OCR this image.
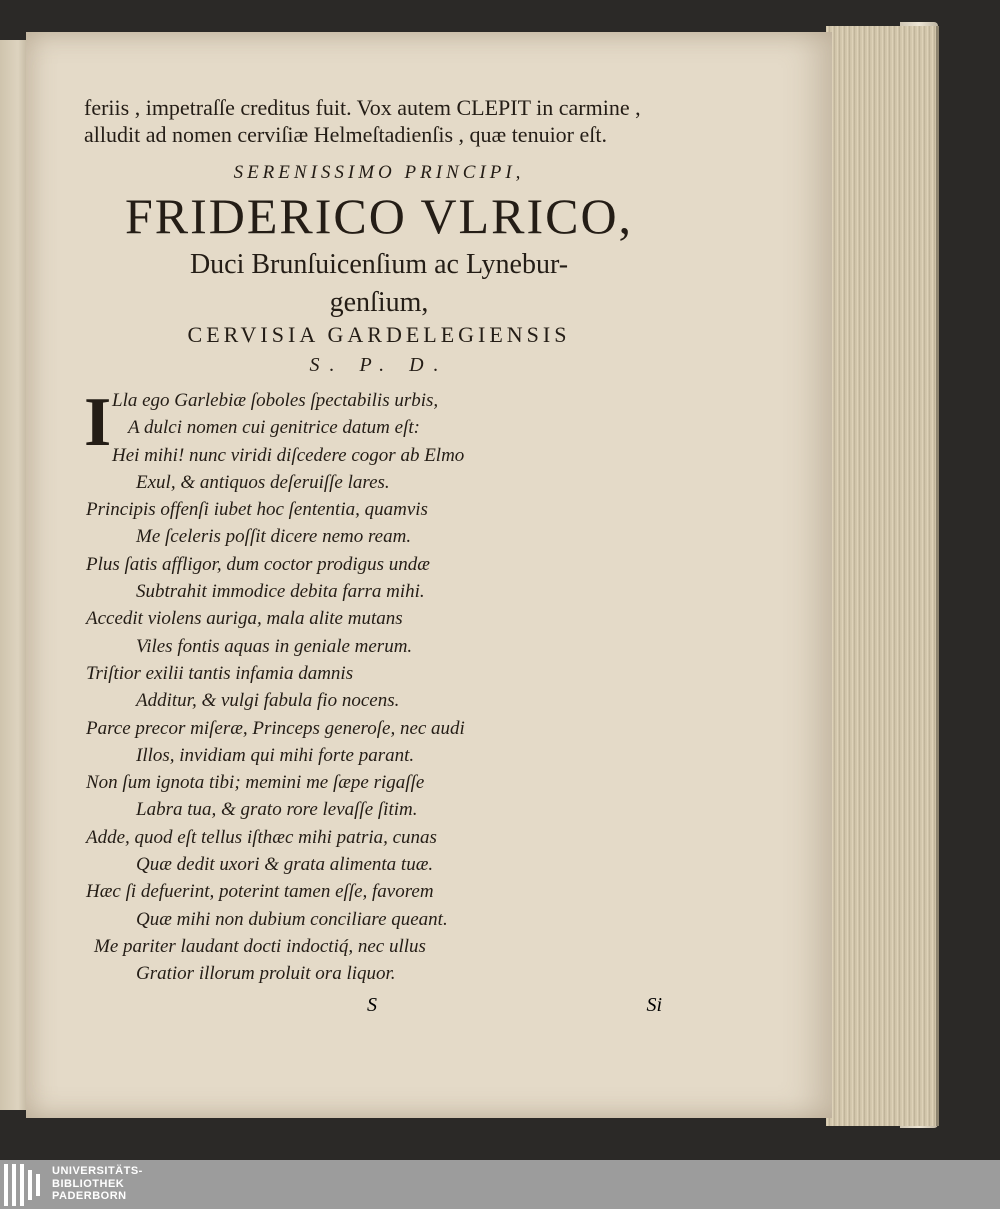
feriis , impetraſſe creditus fuit. Vox autem CLEPIT in carmine , alludit ad nomen cerviſiæ Helmeſtadienſis , quæ tenuior eſt.

SERENISSIMO PRINCIPI,

FRIDERICO VLRICO,

Duci Brunſuicenſium ac Lynebur-

genſium,

CERVISIA GARDELEGIENSIS

S. P. D.

I Lla ego Garlebiæ ſoboles ſpectabilis urbis,

A dulci nomen cui genitrice datum eſt:

Hei mihi! nunc viridi diſcedere cogor ab Elmo

Exul, & antiquos deſeruiſſe lares.

Principis offenſi iubet hoc ſententia, quamvis

Me ſceleris poſſit dicere nemo ream.

Plus ſatis affligor, dum coctor prodigus undæ

Subtrahit immodice debita farra mihi.

Accedit violens auriga, mala alite mutans

Viles fontis aquas in geniale merum.

Triſtior exilii tantis infamia damnis

Additur, & vulgi fabula fio nocens.

Parce precor miſeræ, Princeps generoſe, nec audi

Illos, invidiam qui mihi forte parant.

Non ſum ignota tibi; memini me ſæpe rigaſſe

Labra tua, & grato rore levaſſe ſitim.

Adde, quod eſt tellus iſthæc mihi patria, cunas

Quæ dedit uxori & grata alimenta tuæ.

Hæc ſi defuerint, poterint tamen eſſe, favorem

Quæ mihi non dubium conciliare queant.

Me pariter laudant docti indoctiq́, nec ullus

Gratior illorum proluit ora liquor.

S	Si
UNIVERSITÄTS-
BIBLIOTHEK
PADERBORN
